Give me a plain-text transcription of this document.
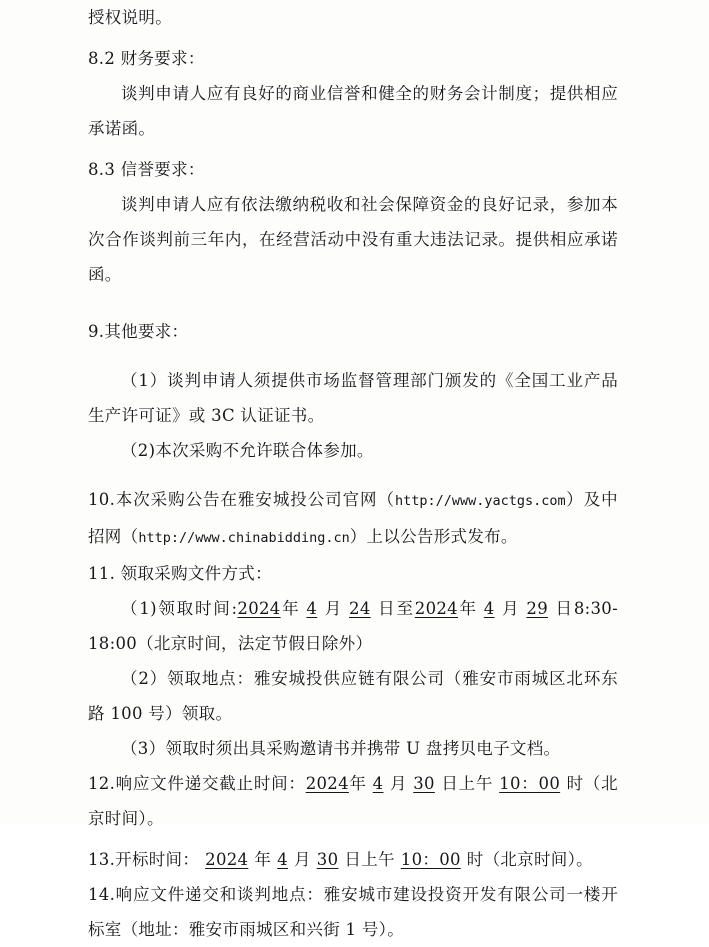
授权说明。

8.2 财务要求：

谈判申请人应有良好的商业信誉和健全的财务会计制度；提供相应承诺函。

8.3 信誉要求：

谈判申请人应有依法缴纳税收和社会保障资金的良好记录，参加本次合作谈判前三年内，在经营活动中没有重大违法记录。提供相应承诺函。

9.其他要求：

（1）谈判申请人须提供市场监督管理部门颁发的《全国工业产品生产许可证》或 3C 认证证书。

（2)本次采购不允许联合体参加。

10.本次采购公告在雅安城投公司官网（http://www.yactgs.com）及中招网（http://www.chinabidding.cn）上以公告形式发布。

11. 领取采购文件方式：

（1)领取时间:2024年 4 月 24 日至2024年 4 月 29 日8:30-18:00（北京时间，法定节假日除外）

（2）领取地点：雅安城投供应链有限公司（雅安市雨城区北环东路 100 号）领取。

（3）领取时须出具采购邀请书并携带 U 盘拷贝电子文档。

12.响应文件递交截止时间：2024年 4 月 30 日上午 10：00 时（北京时间）。

13.开标时间： 2024 年 4 月 30 日上午 10：00 时（北京时间）。

14.响应文件递交和谈判地点：雅安城市建设投资开发有限公司一楼开标室（地址：雅安市雨城区和兴街 1 号）。
